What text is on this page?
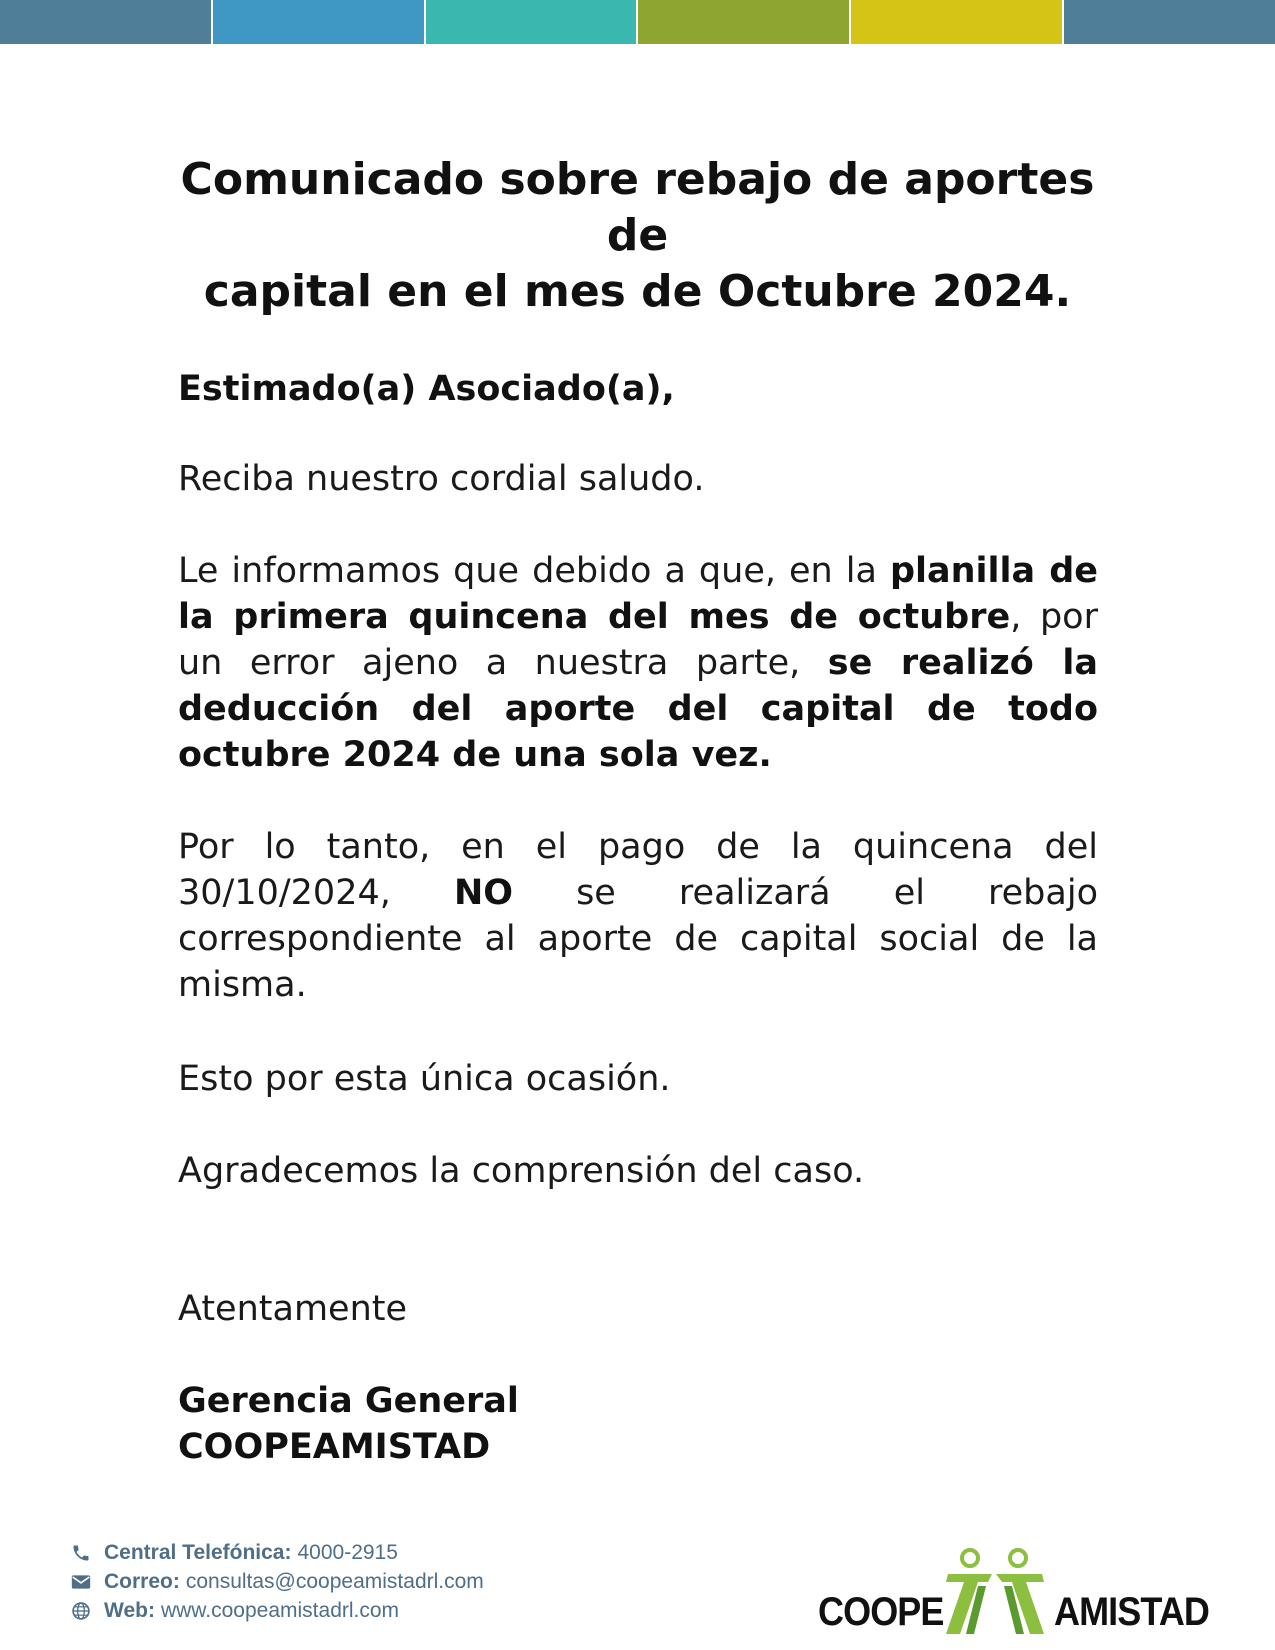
Comunicado sobre rebajo de aportes de
capital en el mes de Octubre 2024.

Estimado(a) Asociado(a),

Reciba nuestro cordial saludo.

Le informamos que debido a que, en la planilla de la primera quincena del mes de octubre, por un error ajeno a nuestra parte, se realizó la deducción del aporte del capital de todo octubre 2024 de una sola vez.

Por lo tanto, en el pago de la quincena del 30/10/2024, NO se realizará el rebajo correspondiente al aporte de capital social de la misma.

Esto por esta única ocasión.

Agradecemos la comprensión del caso.

Atentamente

Gerencia General

COOPEAMISTAD

Central Telefónica: 4000-2915
Correo: consultas@coopeamistadrl.com
Web: www.coopeamistadrl.com	COOPE	AMISTAD
